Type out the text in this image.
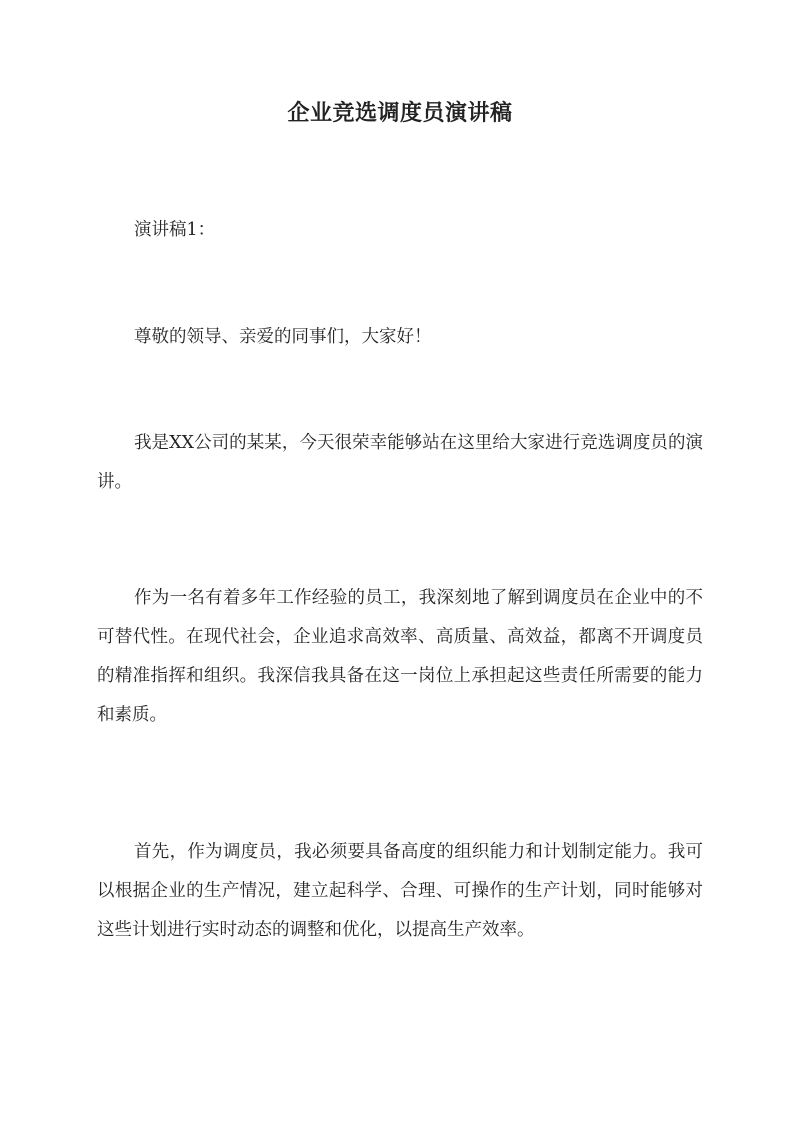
企业竞选调度员演讲稿

演讲稿1：

尊敬的领导、亲爱的同事们，大家好！

我是XX公司的某某，今天很荣幸能够站在这里给大家进行竞选调度员的演讲。

作为一名有着多年工作经验的员工，我深刻地了解到调度员在企业中的不可替代性。在现代社会，企业追求高效率、高质量、高效益，都离不开调度员的精准指挥和组织。我深信我具备在这一岗位上承担起这些责任所需要的能力和素质。

首先，作为调度员，我必须要具备高度的组织能力和计划制定能力。我可以根据企业的生产情况，建立起科学、合理、可操作的生产计划，同时能够对这些计划进行实时动态的调整和优化，以提高生产效率。
